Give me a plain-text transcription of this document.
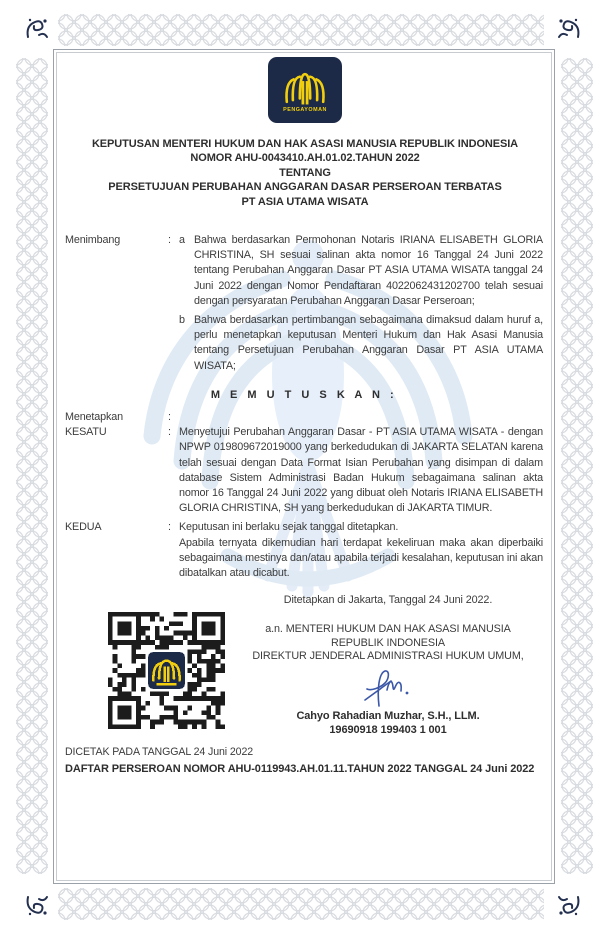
PENGAYOMAN

KEPUTUSAN MENTERI HUKUM DAN HAK ASASI MANUSIA REPUBLIK INDONESIA

NOMOR AHU-0043410.AH.01.02.TAHUN 2022

TENTANG

PERSETUJUAN PERUBAHAN ANGGARAN DASAR PERSEROAN TERBATAS

PT ASIA UTAMA WISATA

Menimbang	: a Bahwa berdasarkan Permohonan Notaris IRIANA ELISABETH GLORIA CHRISTINA, SH sesuai salinan akta nomor 16 Tanggal 24 Juni 2022 tentang Perubahan Anggaran Dasar PT ASIA UTAMA WISATA tanggal 24 Juni 2022 dengan Nomor Pendaftaran 4022062431202700 telah sesuai dengan persyaratan Perubahan Anggaran Dasar Perseroan;
b Bahwa berdasarkan pertimbangan sebagaimana dimaksud dalam huruf a, perlu menetapkan keputusan Menteri Hukum dan Hak Asasi Manusia tentang Persetujuan Perubahan Anggaran Dasar PT ASIA UTAMA WISATA;
M E M U T U S K A N :
Menetapkan	:
KESATU	: Menyetujui Perubahan Anggaran Dasar - PT ASIA UTAMA WISATA - dengan NPWP 019809672019000 yang berkedudukan di JAKARTA SELATAN karena telah sesuai dengan Data Format Isian Perubahan yang disimpan di dalam database Sistem Administrasi Badan Hukum sebagaimana salinan akta nomor 16 Tanggal 24 Juni 2022 yang dibuat oleh Notaris IRIANA ELISABETH GLORIA CHRISTINA, SH yang berkedudukan di JAKARTA TIMUR.
KEDUA	: Keputusan ini berlaku sejak tanggal ditetapkan.

Apabila ternyata dikemudian hari terdapat kekeliruan maka akan diperbaiki sebagaimana mestinya dan/atau apabila terjadi kesalahan, keputusan ini akan dibatalkan atau dicabut.

Ditetapkan di Jakarta, Tanggal 24 Juni 2022.

a.n. MENTERI HUKUM DAN HAK ASASI MANUSIA

REPUBLIK INDONESIA

DIREKTUR JENDERAL ADMINISTRASI HUKUM UMUM,

Cahyo Rahadian Muzhar, S.H., LLM.

19690918 199403 1 001

DICETAK PADA TANGGAL 24 Juni 2022

DAFTAR PERSEROAN NOMOR AHU-0119943.AH.01.11.TAHUN 2022 TANGGAL 24 Juni 2022
